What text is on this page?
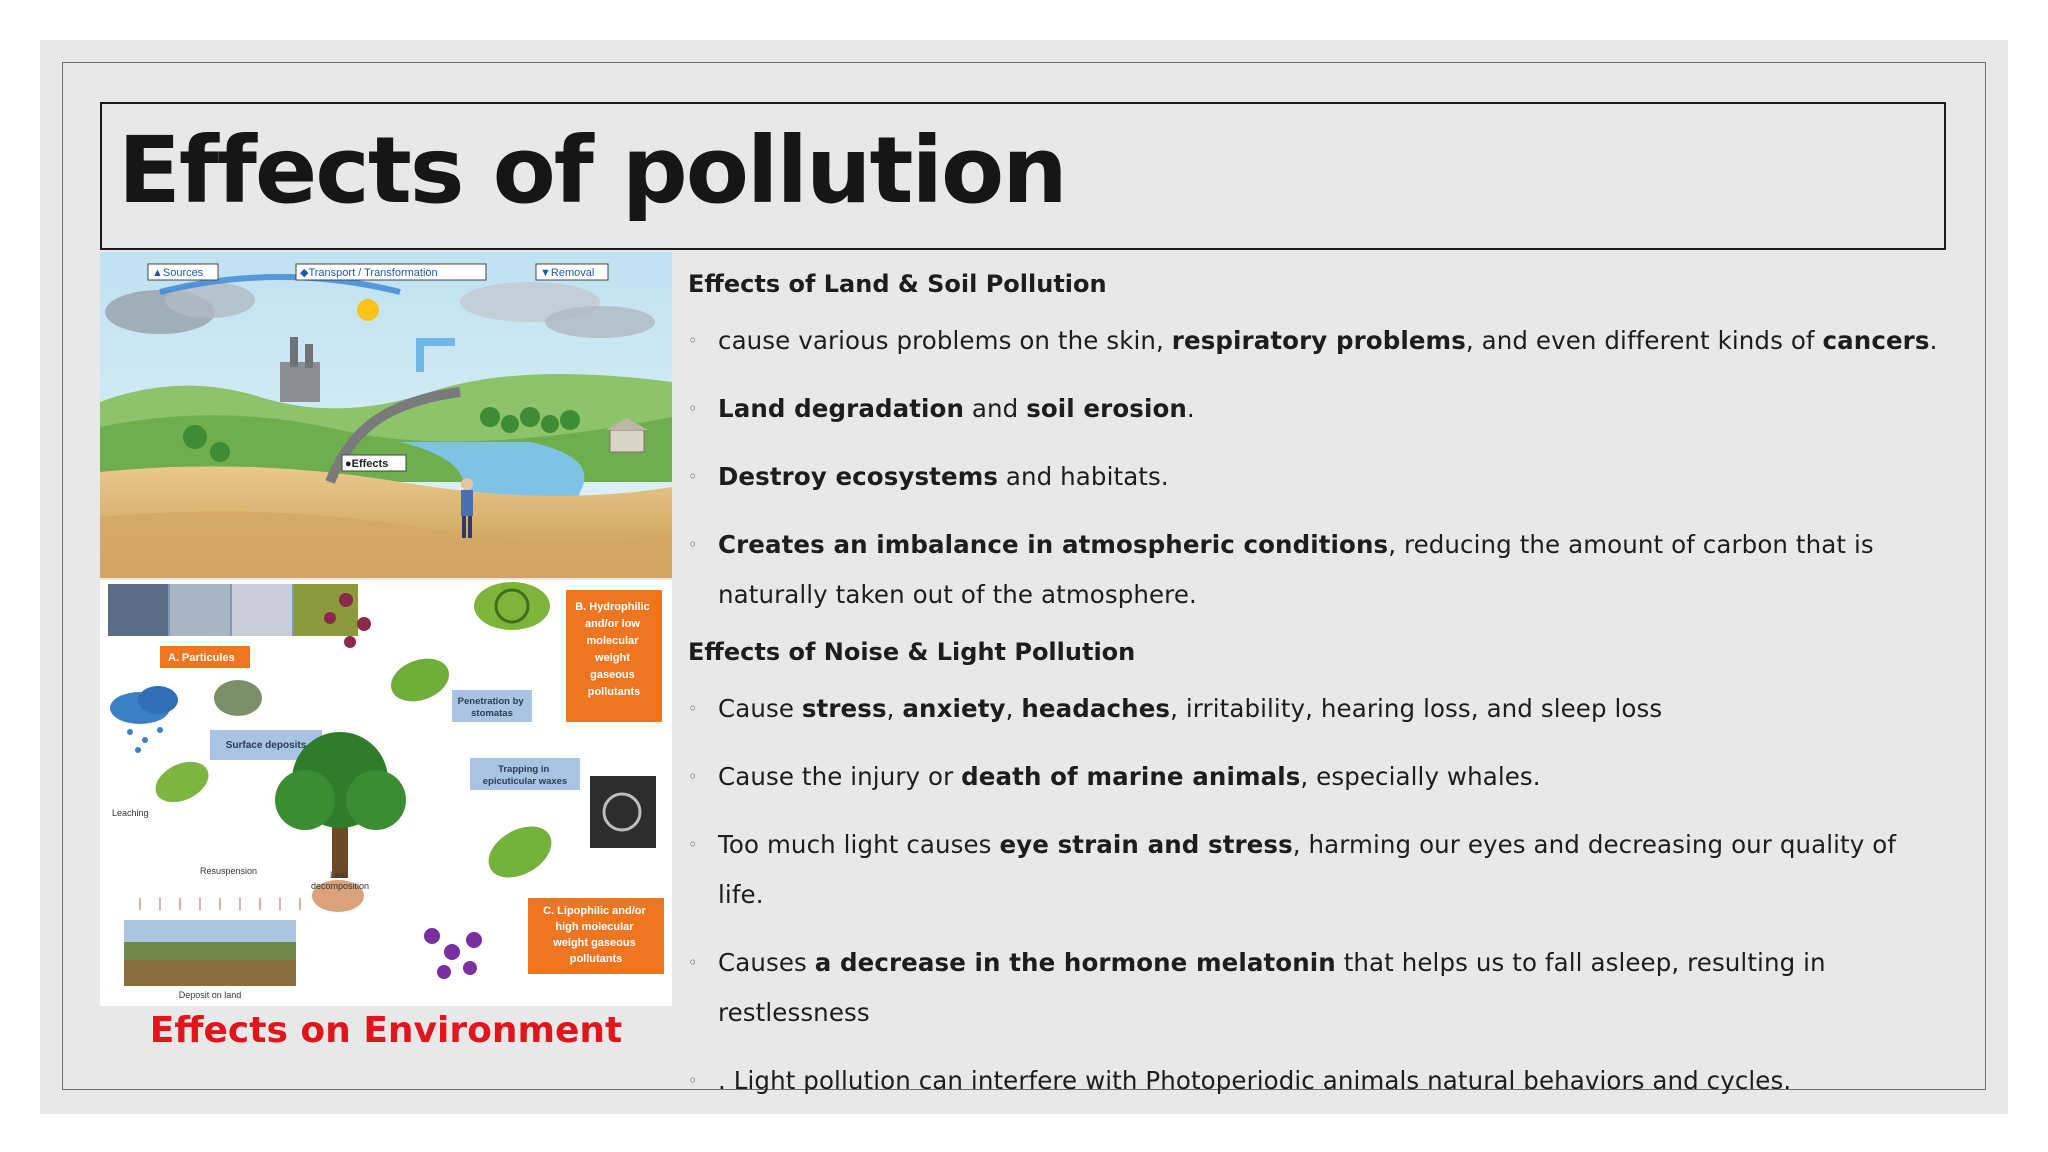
Effects of pollution
▲Sources	◆Transport / Transformation	▼Removal
●Effects
A. Particules
B. Hydrophilic and/or low molecular weight gaseous pollutants
C. Lipophilic and/or high molecular weight gaseous pollutants
Surface deposits
Penetration by stomatas
Trapping in epicuticular waxes
Leaching
Resuspension	Leaf decomposition
Deposit on land
Effects on Environment

Effects of Land & Soil Pollution

◦ cause various problems on the skin, respiratory problems, and even different kinds of cancers.

◦ Land degradation and soil erosion.

◦ Destroy ecosystems and habitats.

◦ Creates an imbalance in atmospheric conditions, reducing the amount of carbon that is naturally taken out of the atmosphere.

Effects of Noise & Light Pollution

◦ Cause stress, anxiety, headaches, irritability, hearing loss, and sleep loss

◦ Cause the injury or death of marine animals, especially whales.

◦ Too much light causes eye strain and stress, harming our eyes and decreasing our quality of life.

◦ Causes a decrease in the hormone melatonin that helps us to fall asleep, resulting in restlessness

◦ . Light pollution can interfere with Photoperiodic animals natural behaviors and cycles.
